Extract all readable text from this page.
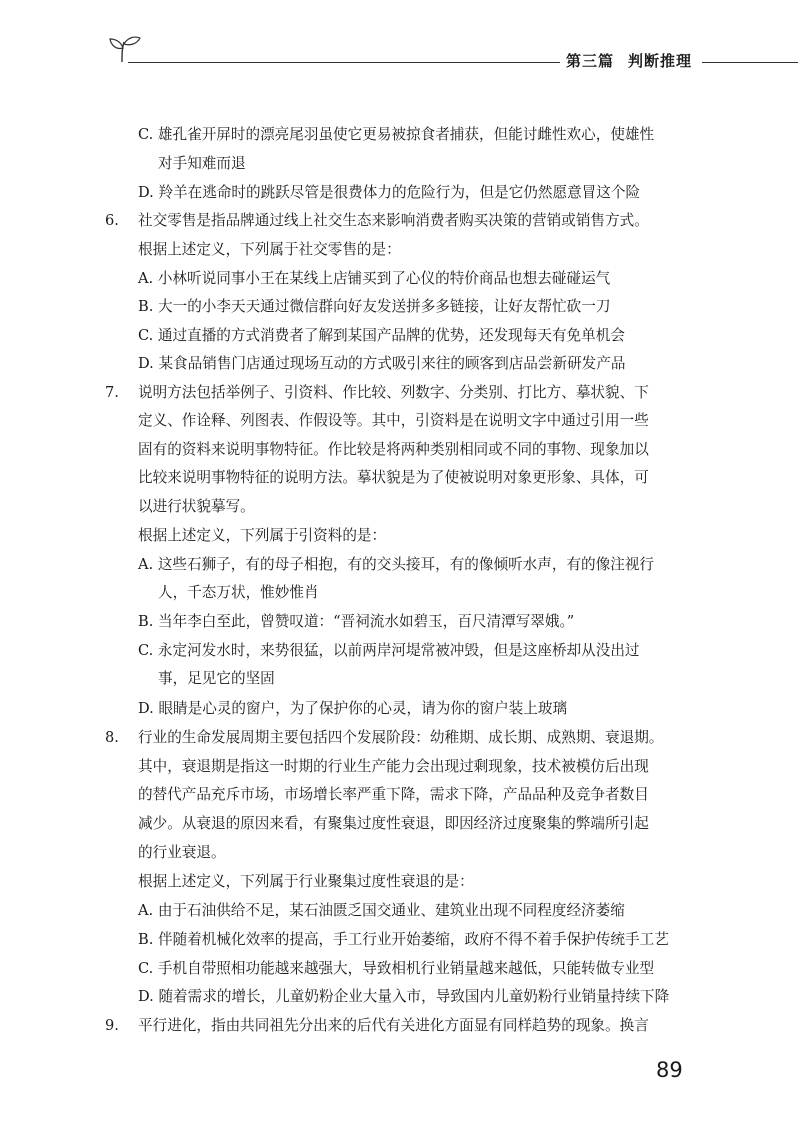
第三篇 判断推理
C. 雄孔雀开屏时的漂亮尾羽虽使它更易被掠食者捕获，但能讨雌性欢心，使雄性
对手知难而退
D. 羚羊在逃命时的跳跃尽管是很费体力的危险行为，但是它仍然愿意冒这个险
6. 社交零售是指品牌通过线上社交生态来影响消费者购买决策的营销或销售方式。
根据上述定义，下列属于社交零售的是：
A. 小林听说同事小王在某线上店铺买到了心仪的特价商品也想去碰碰运气
B. 大一的小李天天通过微信群向好友发送拼多多链接，让好友帮忙砍一刀
C. 通过直播的方式消费者了解到某国产品牌的优势，还发现每天有免单机会
D. 某食品销售门店通过现场互动的方式吸引来往的顾客到店品尝新研发产品
7. 说明方法包括举例子、引资料、作比较、列数字、分类别、打比方、摹状貌、下
定义、作诠释、列图表、作假设等。其中，引资料是在说明文字中通过引用一些
固有的资料来说明事物特征。作比较是将两种类别相同或不同的事物、现象加以
比较来说明事物特征的说明方法。摹状貌是为了使被说明对象更形象、具体，可
以进行状貌摹写。
根据上述定义，下列属于引资料的是：
A. 这些石狮子，有的母子相抱，有的交头接耳，有的像倾听水声，有的像注视行
人，千态万状，惟妙惟肖
B. 当年李白至此，曾赞叹道：“晋祠流水如碧玉，百尺清潭写翠娥。”
C. 永定河发水时，来势很猛，以前两岸河堤常被冲毁，但是这座桥却从没出过
事，足见它的坚固
D. 眼睛是心灵的窗户，为了保护你的心灵，请为你的窗户装上玻璃
8. 行业的生命发展周期主要包括四个发展阶段：幼稚期、成长期、成熟期、衰退期。
其中，衰退期是指这一时期的行业生产能力会出现过剩现象，技术被模仿后出现
的替代产品充斥市场，市场增长率严重下降，需求下降，产品品种及竞争者数目
减少。从衰退的原因来看，有聚集过度性衰退，即因经济过度聚集的弊端所引起
的行业衰退。
根据上述定义，下列属于行业聚集过度性衰退的是：
A. 由于石油供给不足，某石油匮乏国交通业、建筑业出现不同程度经济萎缩
B. 伴随着机械化效率的提高，手工行业开始萎缩，政府不得不着手保护传统手工艺
C. 手机自带照相功能越来越强大，导致相机行业销量越来越低，只能转做专业型
D. 随着需求的增长，儿童奶粉企业大量入市，导致国内儿童奶粉行业销量持续下降
9. 平行进化，指由共同祖先分出来的后代有关进化方面显有同样趋势的现象。换言
89
